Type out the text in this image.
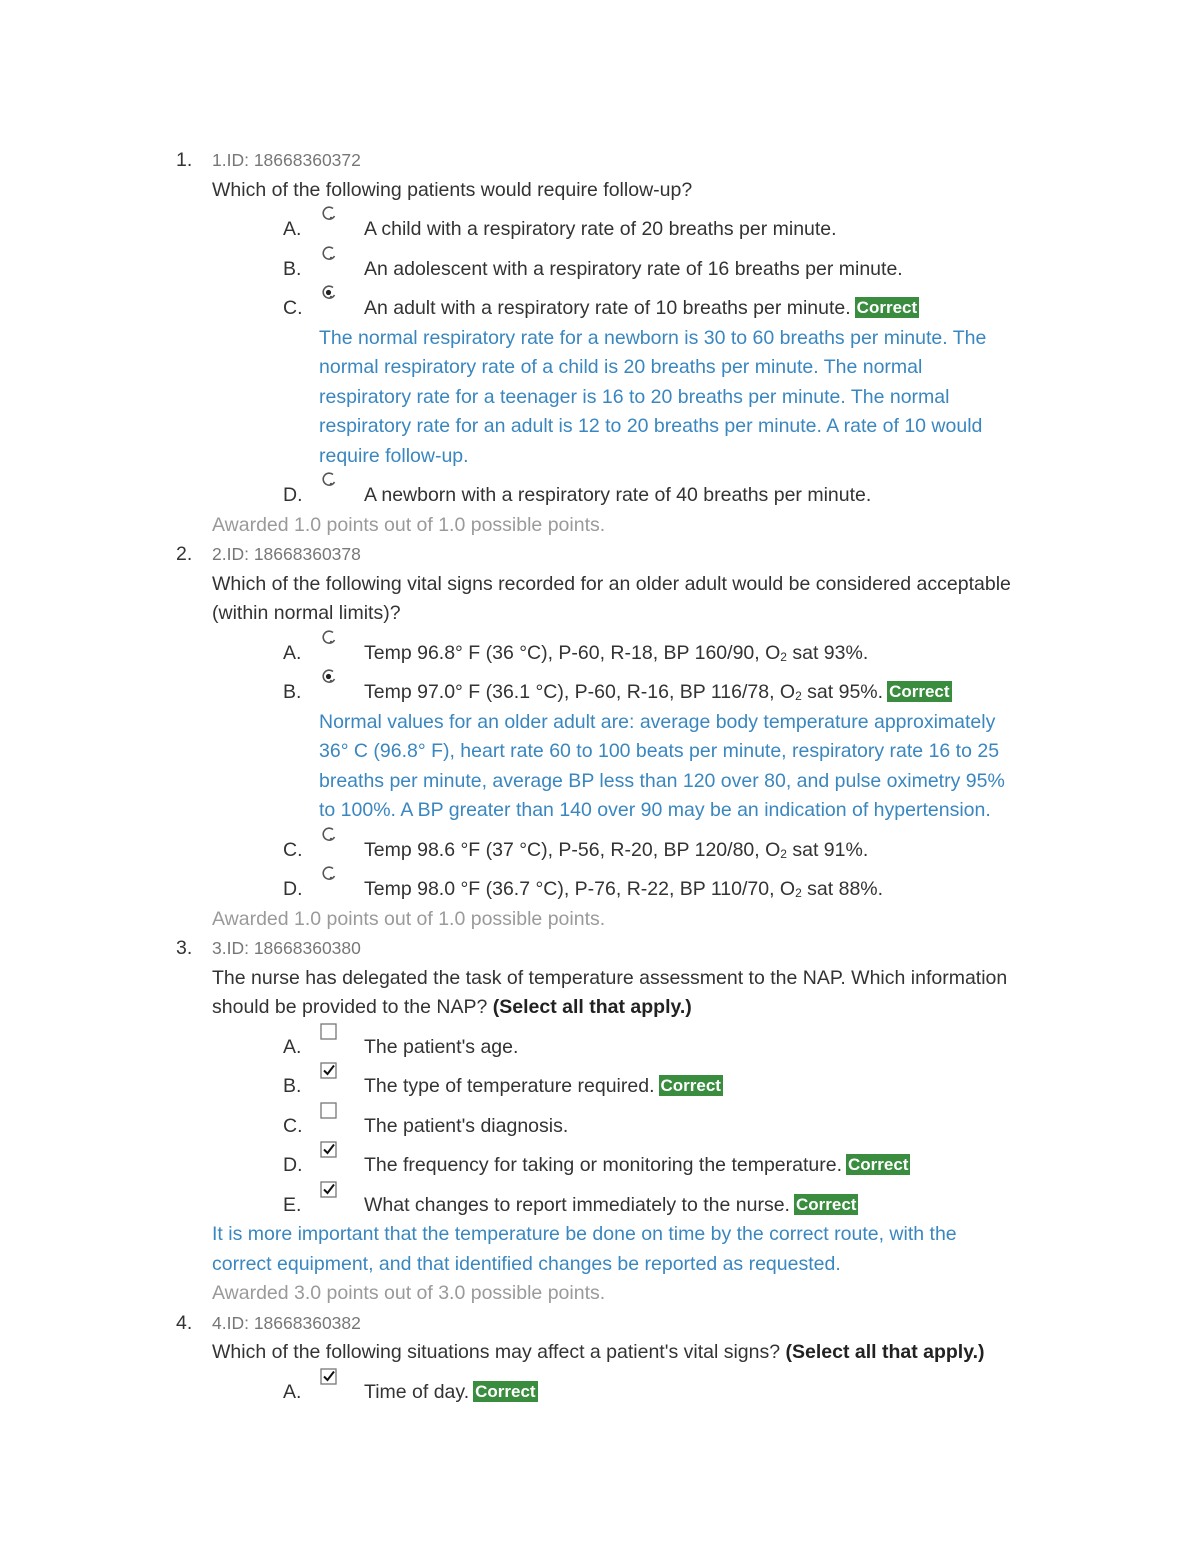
1. 1.ID: 18668360372
Which of the following patients would require follow-up?
A.	A child with a respiratory rate of 20 breaths per minute.
B.	An adolescent with a respiratory rate of 16 breaths per minute.
C.	An adult with a respiratory rate of 10 breaths per minute. Correct
The normal respiratory rate for a newborn is 30 to 60 breaths per minute. The
normal respiratory rate of a child is 20 breaths per minute. The normal
respiratory rate for a teenager is 16 to 20 breaths per minute. The normal
respiratory rate for an adult is 12 to 20 breaths per minute. A rate of 10 would
require follow-up.
D.	A newborn with a respiratory rate of 40 breaths per minute.
Awarded 1.0 points out of 1.0 possible points.
2. 2.ID: 18668360378
Which of the following vital signs recorded for an older adult would be considered acceptable
(within normal limits)?
A.	Temp 96.8° F (36 °C), P-60, R-18, BP 160/90, O2 sat 93%.
B.	Temp 97.0° F (36.1 °C), P-60, R-16, BP 116/78, O2 sat 95%. Correct
Normal values for an older adult are: average body temperature approximately
36° C (96.8° F), heart rate 60 to 100 beats per minute, respiratory rate 16 to 25
breaths per minute, average BP less than 120 over 80, and pulse oximetry 95%
to 100%. A BP greater than 140 over 90 may be an indication of hypertension.
C.	Temp 98.6 °F (37 °C), P-56, R-20, BP 120/80, O2 sat 91%.
D.	Temp 98.0 °F (36.7 °C), P-76, R-22, BP 110/70, O2 sat 88%.
Awarded 1.0 points out of 1.0 possible points.
3. 3.ID: 18668360380
The nurse has delegated the task of temperature assessment to the NAP. Which information
should be provided to the NAP? (Select all that apply.)
A.	The patient's age.
B.	The type of temperature required. Correct
C.	The patient's diagnosis.
D.	The frequency for taking or monitoring the temperature. Correct
E.	What changes to report immediately to the nurse. Correct
It is more important that the temperature be done on time by the correct route, with the
correct equipment, and that identified changes be reported as requested.
Awarded 3.0 points out of 3.0 possible points.
4. 4.ID: 18668360382
Which of the following situations may affect a patient's vital signs? (Select all that apply.)
A.	Time of day. Correct
